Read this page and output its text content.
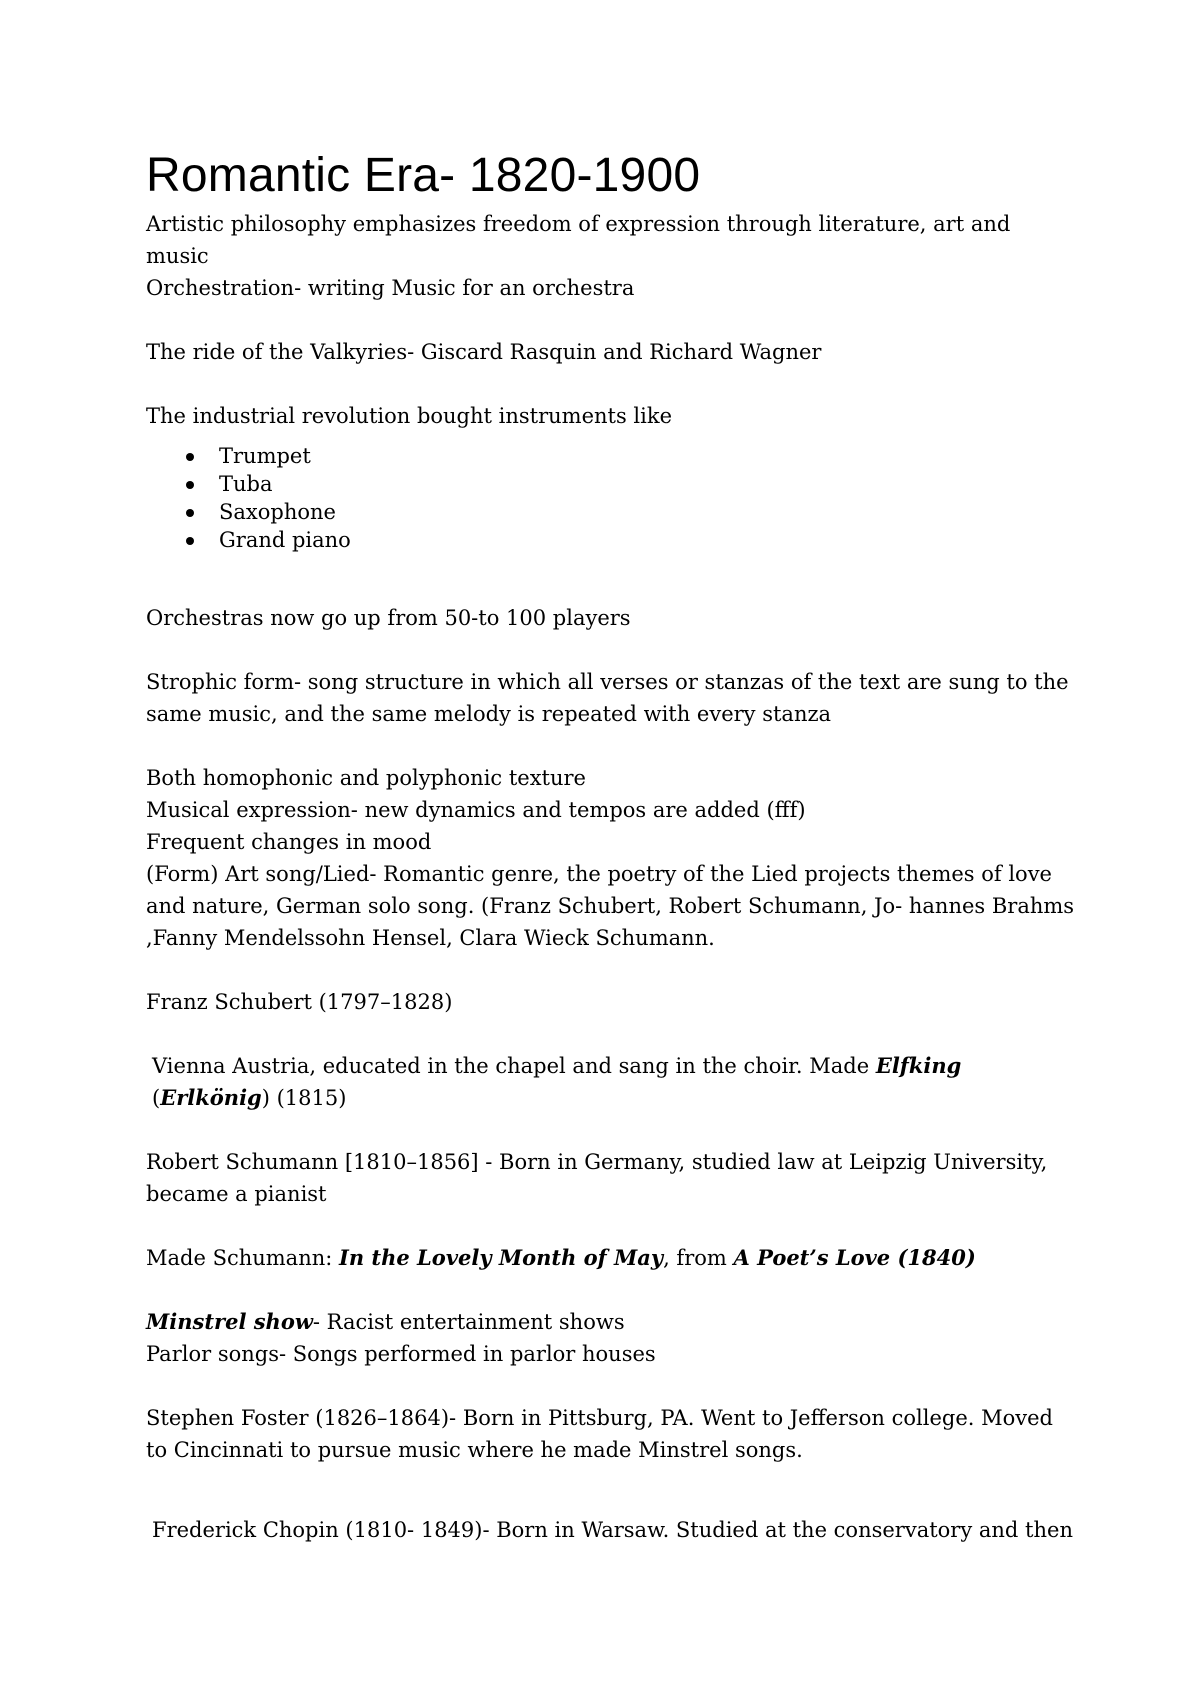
Romantic Era- 1820-1900

Artistic philosophy emphasizes freedom of expression through literature, art and music

Orchestration- writing Music for an orchestra

The ride of the Valkyries- Giscard Rasquin and Richard Wagner

The industrial revolution bought instruments like

Trumpet
Tuba
Saxophone
Grand piano

Orchestras now go up from 50-to 100 players

Strophic form- song structure in which all verses or stanzas of the text are sung to the same music, and the same melody is repeated with every stanza

Both homophonic and polyphonic texture

Musical expression- new dynamics and tempos are added (fff)

Frequent changes in mood

(Form) Art song/Lied- Romantic genre, the poetry of the Lied projects themes of love and nature, German solo song. (Franz Schubert, Robert Schumann, Jo- hannes Brahms ,Fanny Mendelssohn Hensel, Clara Wieck Schumann.

Franz Schubert (1797–1828)

Vienna Austria, educated in the chapel and sang in the choir. Made Elfking (Erlkönig) (1815)

Robert Schumann [1810–1856] - Born in Germany, studied law at Leipzig University, became a pianist

Made Schumann: In the Lovely Month of May, from A Poet’s Love (1840)

Minstrel show- Racist entertainment shows

Parlor songs- Songs performed in parlor houses

Stephen Foster (1826–1864)- Born in Pittsburg, PA. Went to Jefferson college. Moved to Cincinnati to pursue music where he made Minstrel songs.

Frederick Chopin (1810- 1849)- Born in Warsaw. Studied at the conservatory and then
